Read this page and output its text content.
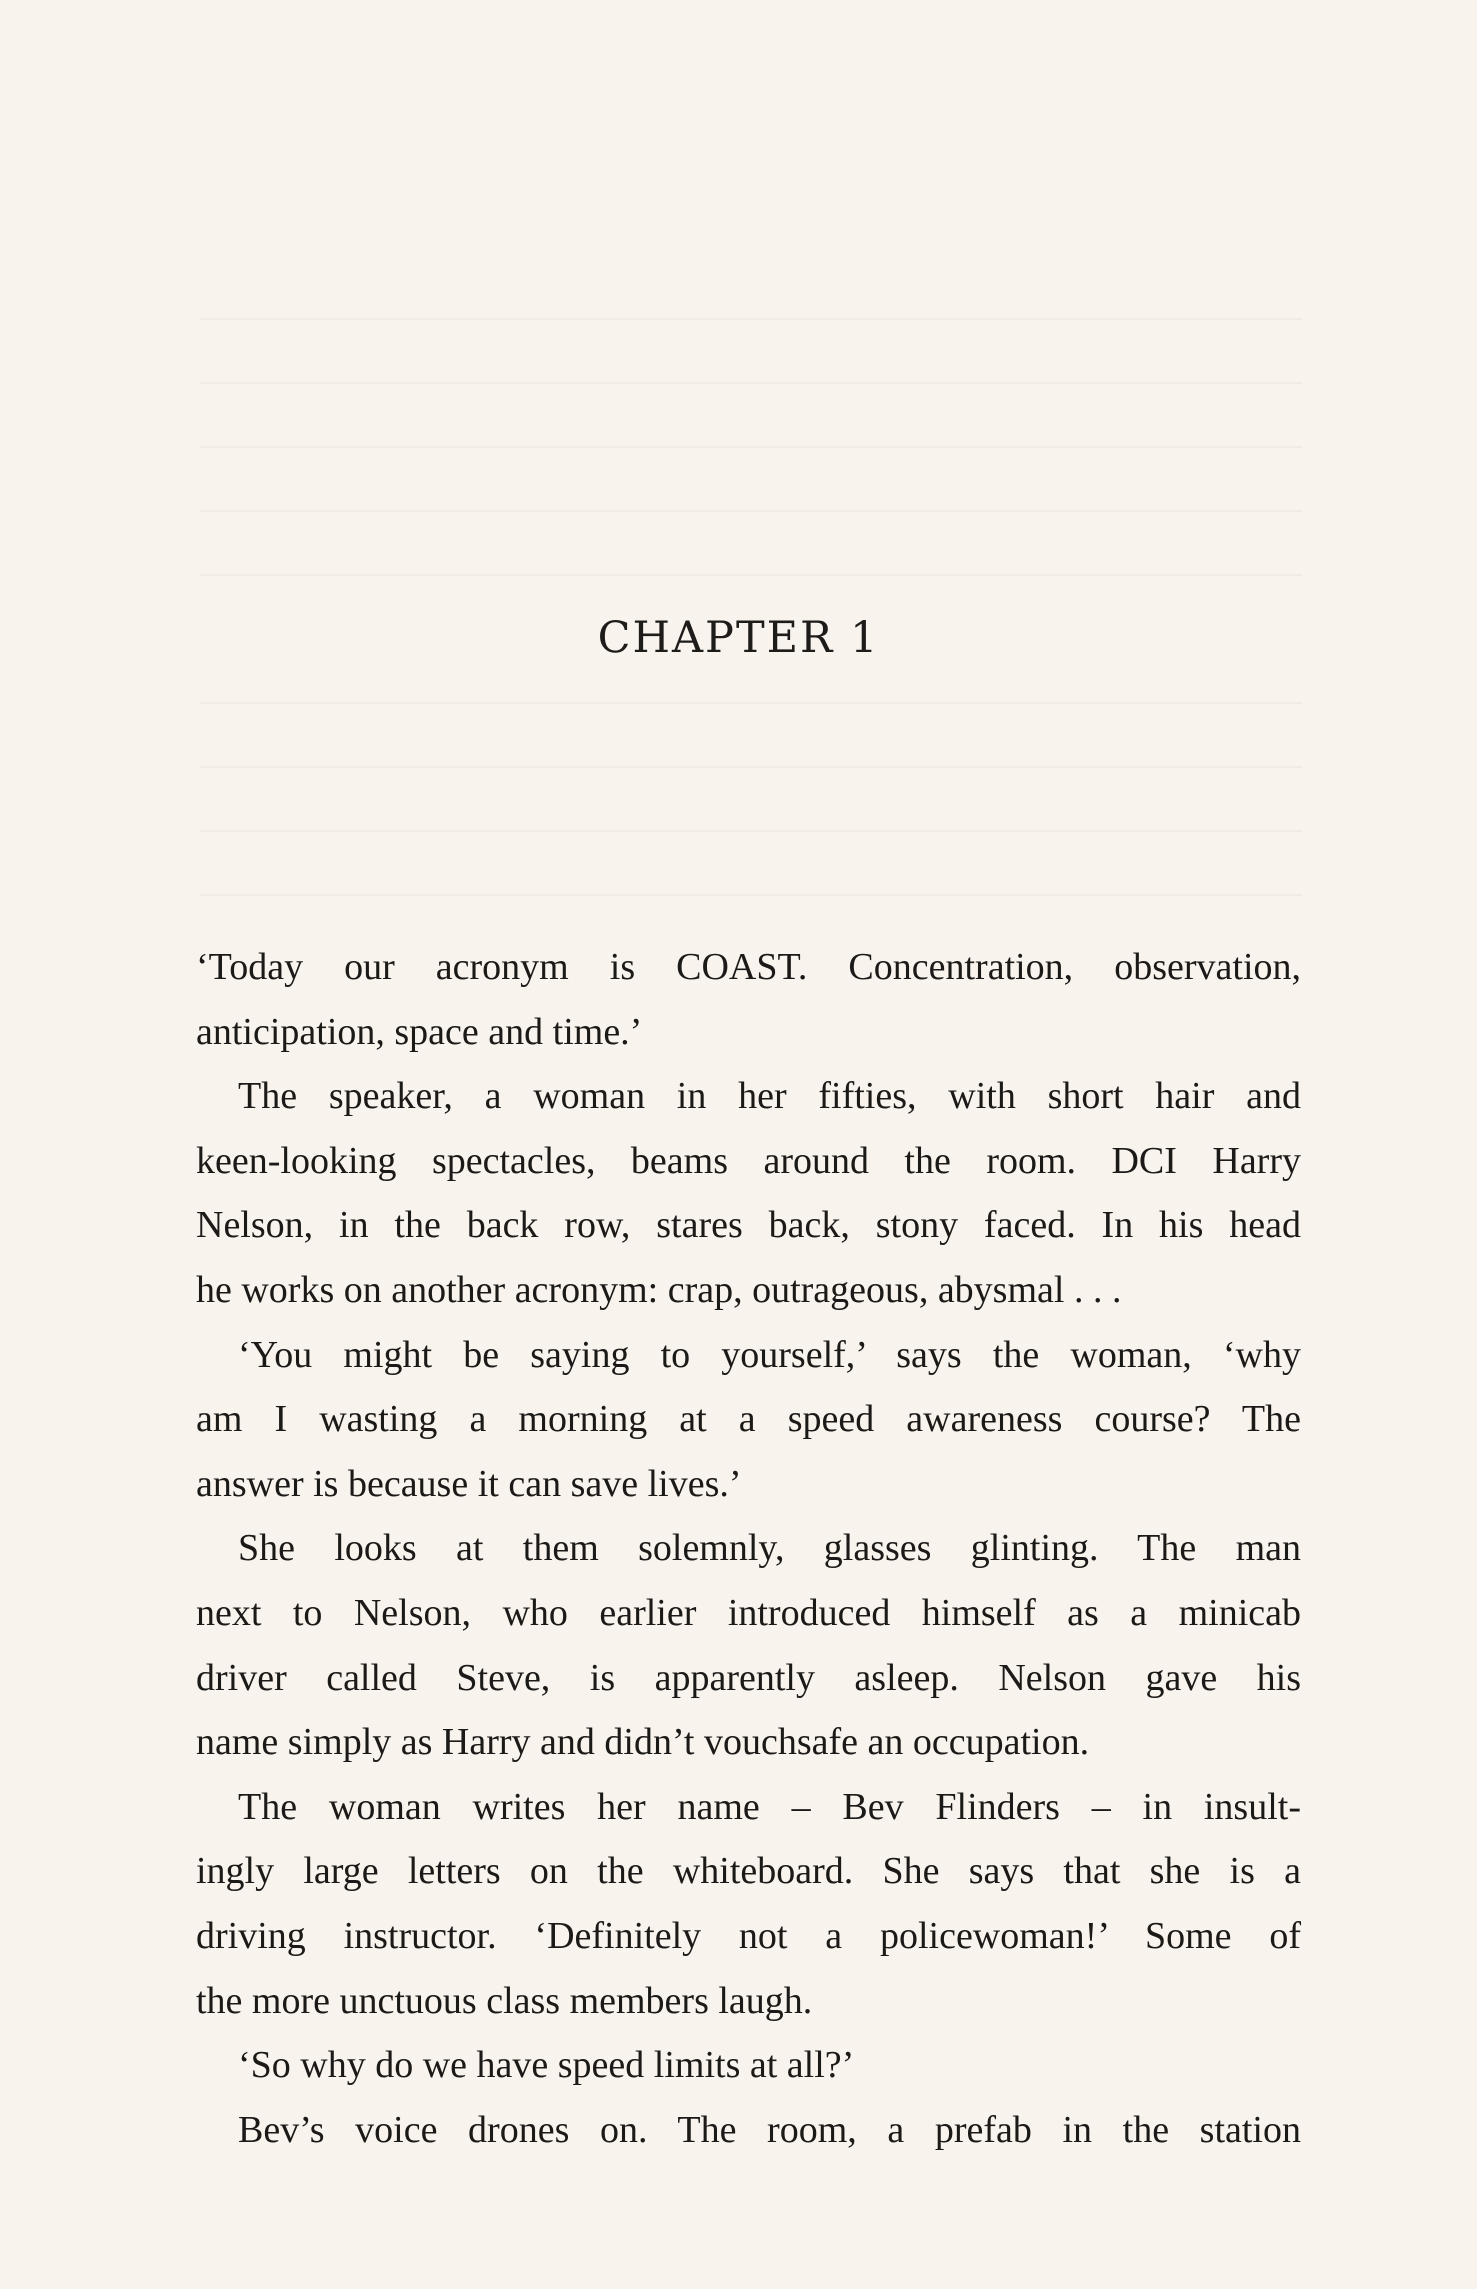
CHAPTER 1

‘Today our acronym is COAST. Concentration, observation,
anticipation, space and time.’

The speaker, a woman in her fifties, with short hair and
keen-looking spectacles, beams around the room. DCI Harry
Nelson, in the back row, stares back, stony faced. In his head
he works on another acronym: crap, outrageous, abysmal . . .

‘You might be saying to yourself,’ says the woman, ‘why
am I wasting a morning at a speed awareness course? The
answer is because it can save lives.’

She looks at them solemnly, glasses glinting. The man
next to Nelson, who earlier introduced himself as a minicab
driver called Steve, is apparently asleep. Nelson gave his
name simply as Harry and didn’t vouchsafe an occupation.

The woman writes her name – Bev Flinders – in insult-
ingly large letters on the whiteboard. She says that she is a
driving instructor. ‘Definitely not a policewoman!’ Some of
the more unctuous class members laugh.

‘So why do we have speed limits at all?’

Bev’s voice drones on. The room, a prefab in the station
